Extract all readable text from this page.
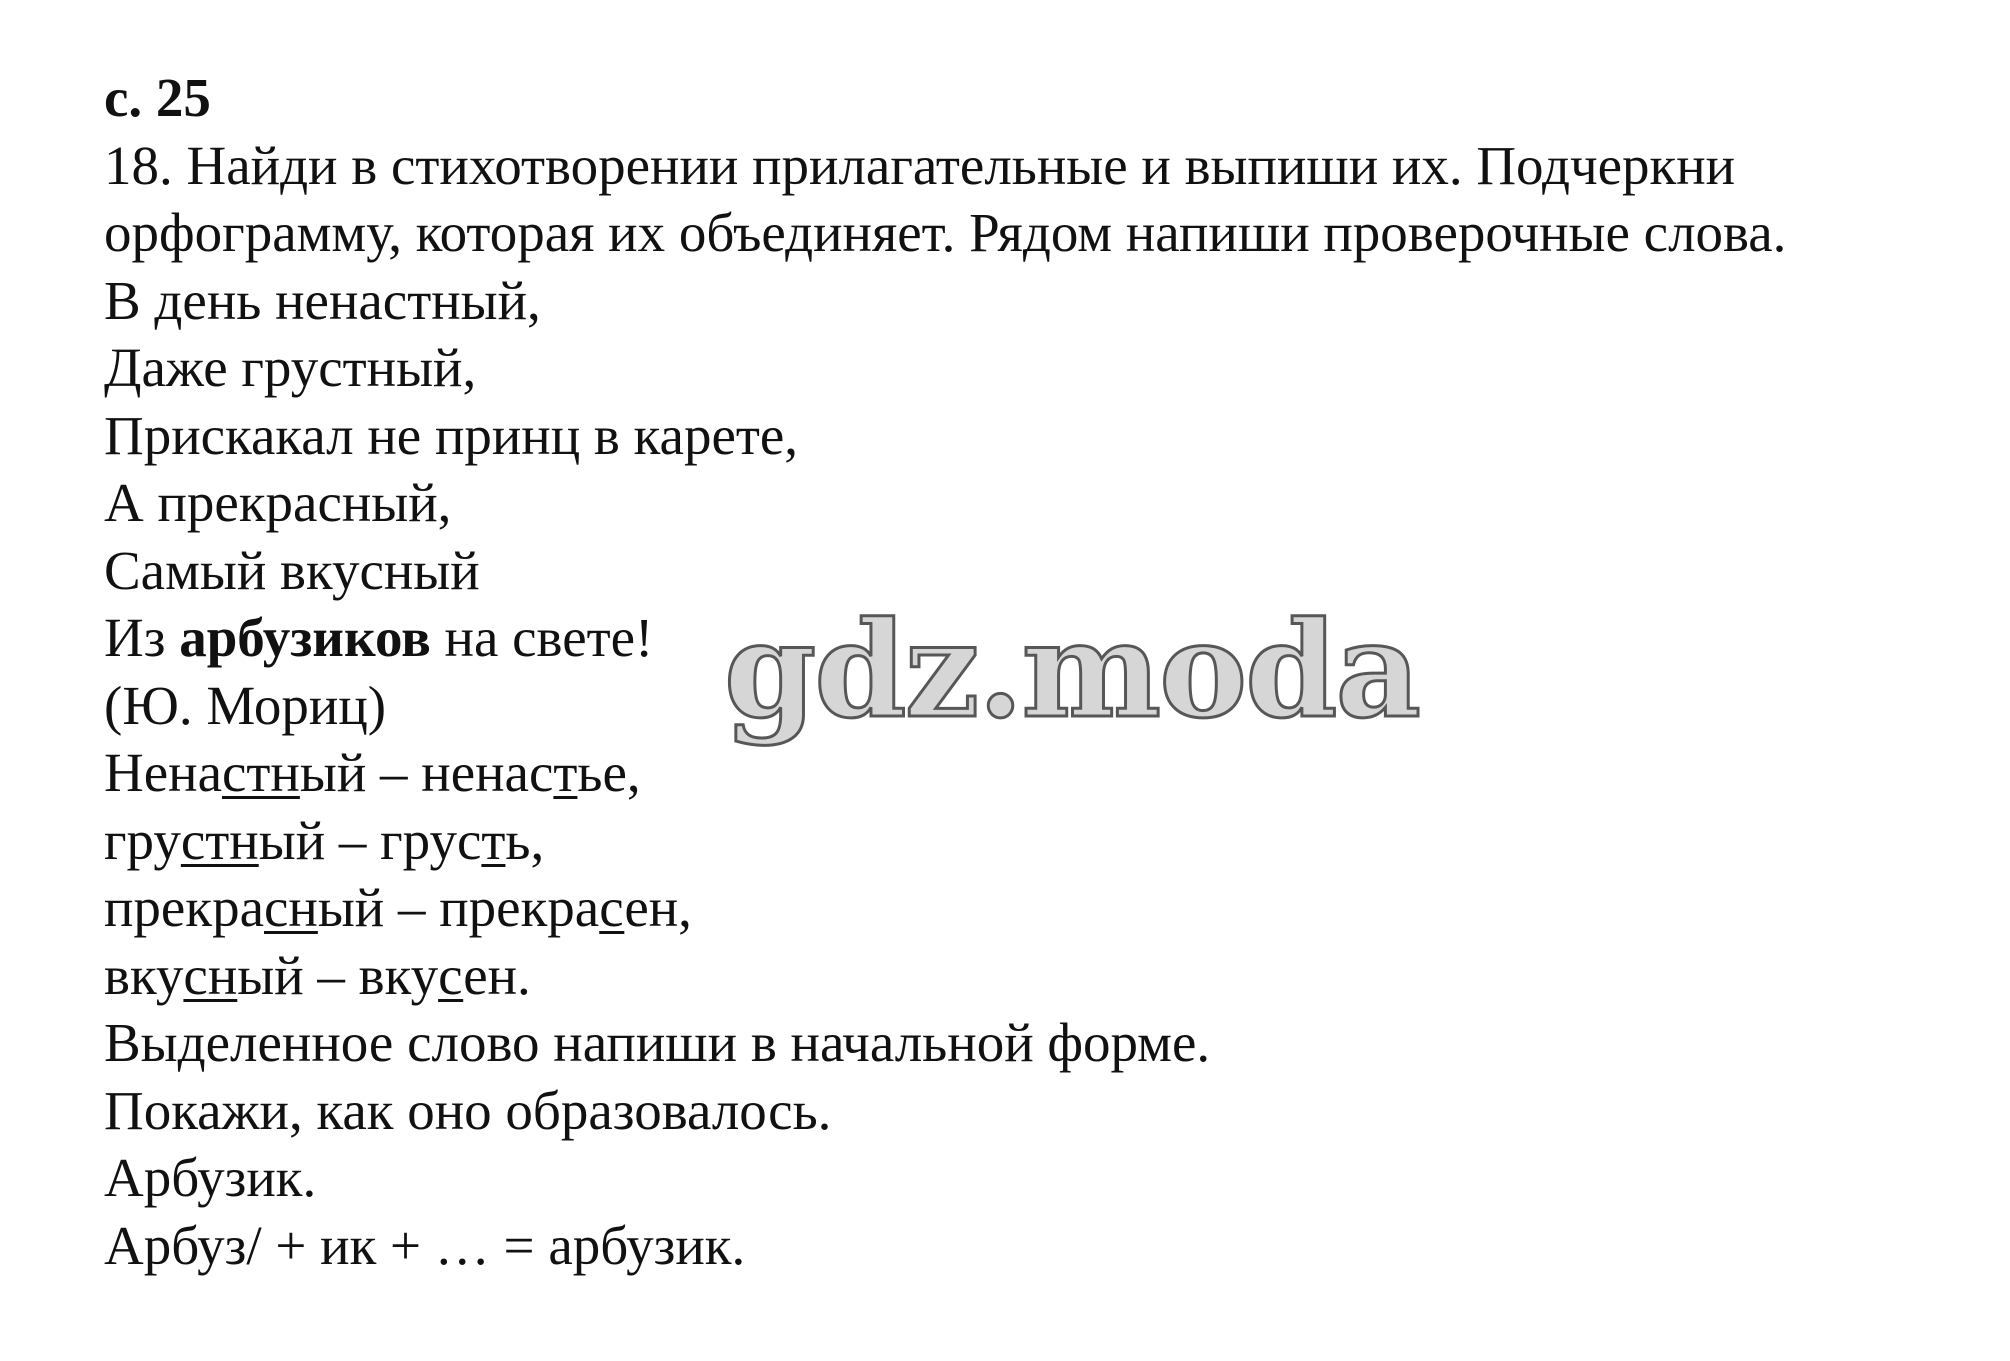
с. 25

18. Найди в стихотворении прилагательные и выпиши их. Подчеркни

орфограмму, которая их объединяет. Рядом напиши проверочные слова.

В день ненастный,

Даже грустный,

Прискакал не принц в карете,

А прекрасный,

Самый вкусный

Из арбузиков на свете!

(Ю. Мориц)

Ненастный – ненастье,

грустный – грусть,

прекрасный – прекрасен,

вкусный – вкусен.

Выделенное слово напиши в начальной форме.

Покажи, как оно образовалось.

Арбузик.

Арбуз/ + ик + … = арбузик.

gdz.moda
